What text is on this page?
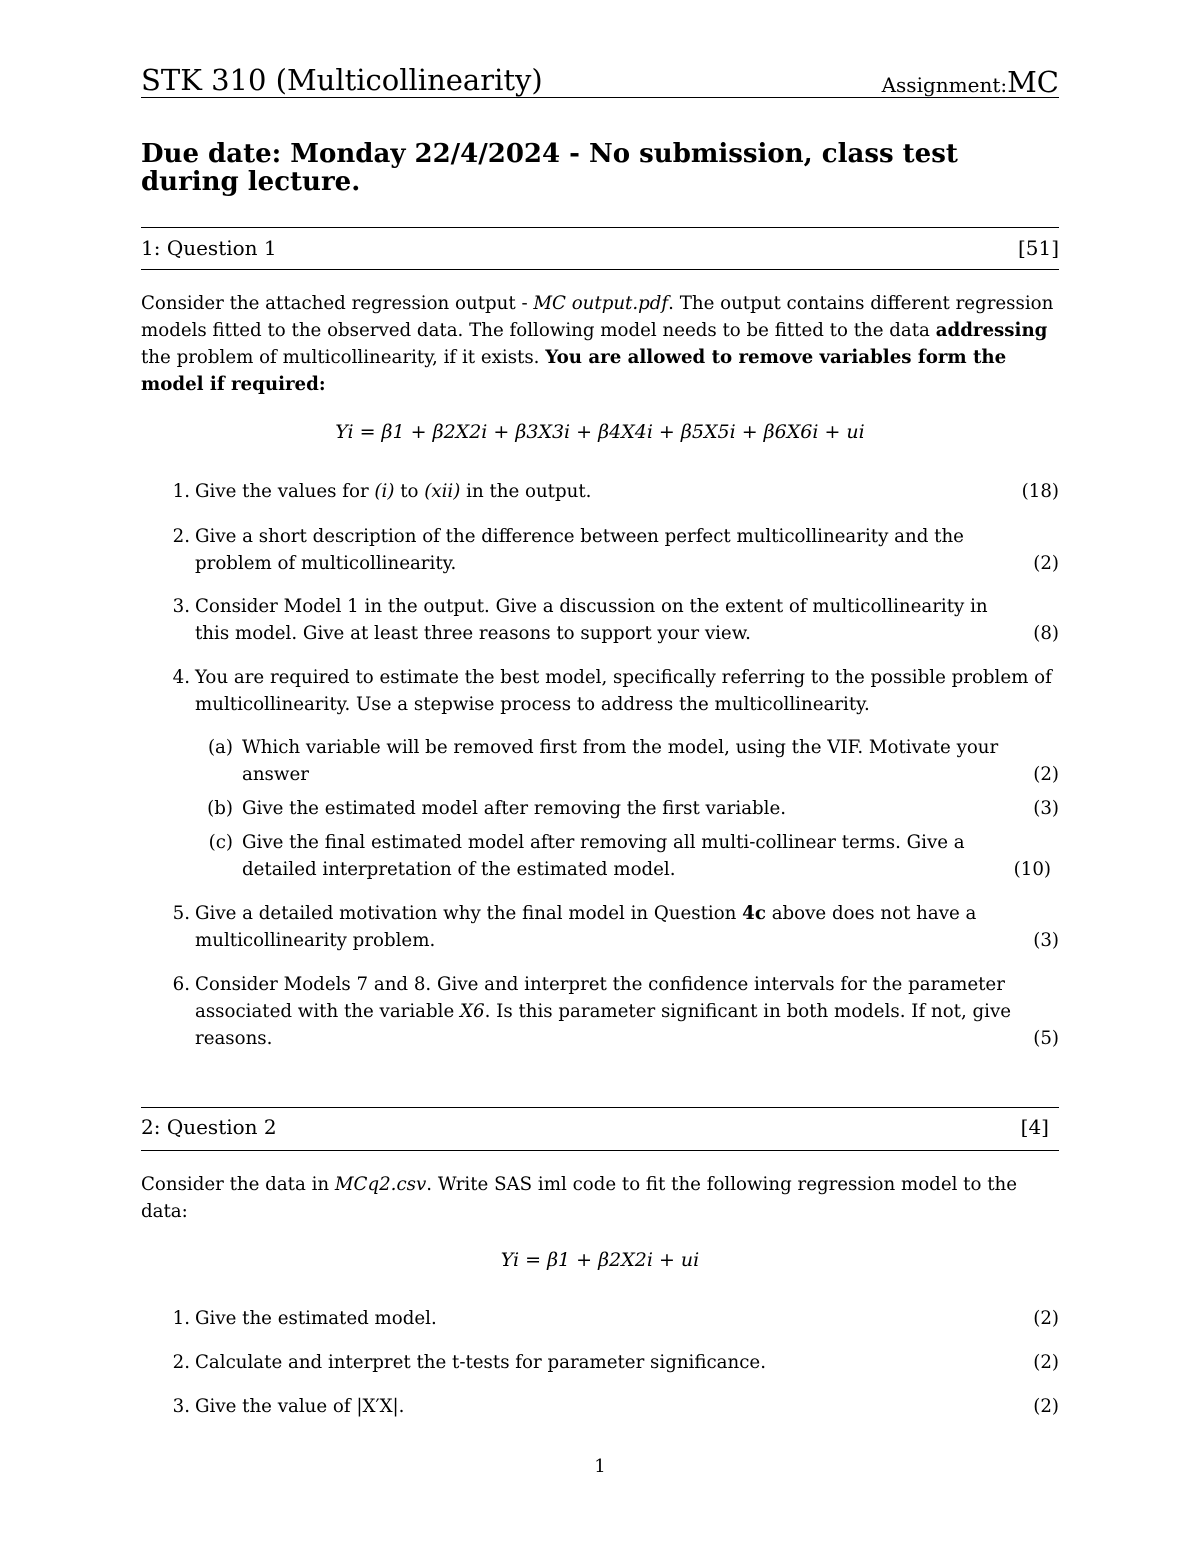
STK 310 (Multicollinearity)	Assignment:MC
Due date: Monday 22/4/2024 - No submission, class test during lecture.
1: Question 1	[51]
Consider the attached regression output - MC output.pdf. The output contains different regression models fitted to the observed data. The following model needs to be fitted to the data addressing the problem of multicollinearity, if it exists. You are allowed to remove variables form the model if required:
Yi = β1 + β2X2i + β3X3i + β4X4i + β5X5i + β6X6i + ui
1. Give the values for (i) to (xii) in the output.	(18)
2. Give a short description of the difference between perfect multicollinearity and the problem of multicollinearity.	(2)
3. Consider Model 1 in the output. Give a discussion on the extent of multicollinearity in this model. Give at least three reasons to support your view.	(8)
4. You are required to estimate the best model, specifically referring to the possible problem of multicollinearity. Use a stepwise process to address the multicollinearity.
(a) Which variable will be removed first from the model, using the VIF. Motivate your answer	(2)
(b) Give the estimated model after removing the first variable.	(3)
(c) Give the final estimated model after removing all multi-collinear terms. Give a detailed interpretation of the estimated model.	(10)
5. Give a detailed motivation why the final model in Question 4c above does not have a multicollinearity problem.	(3)
6. Consider Models 7 and 8. Give and interpret the confidence intervals for the parameter associated with the variable X6. Is this parameter significant in both models. If not, give reasons.	(5)
2: Question 2	[4]
Consider the data in MCq2.csv. Write SAS iml code to fit the following regression model to the data:
Yi = β1 + β2X2i + ui
1. Give the estimated model.	(2)
2. Calculate and interpret the t-tests for parameter significance.	(2)
3. Give the value of |X′X|.	(2)
1
